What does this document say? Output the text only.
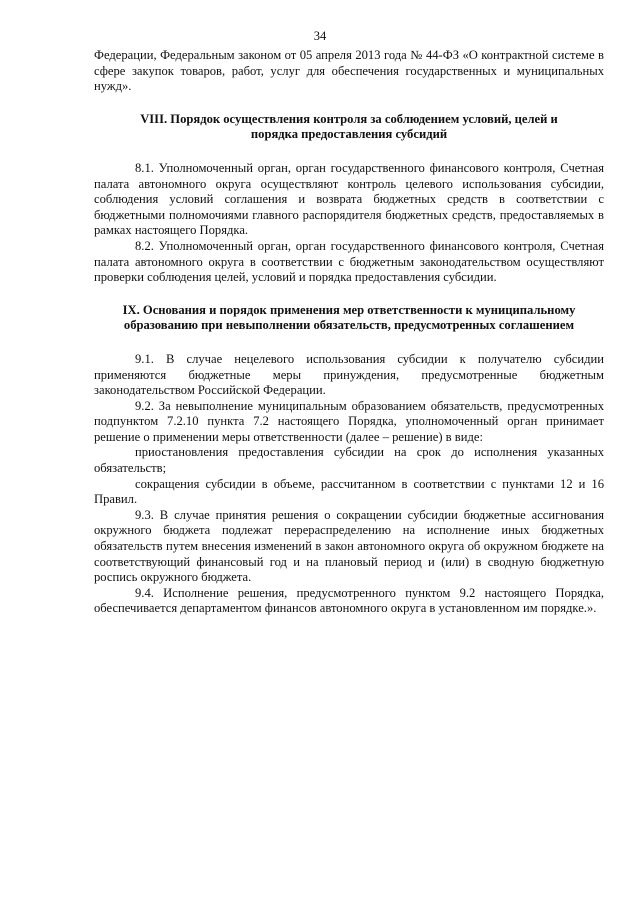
34

Федерации, Федеральным законом от 05 апреля 2013 года № 44-ФЗ «О контрактной системе в сфере закупок товаров, работ, услуг для обеспечения государственных и муниципальных нужд».

VIII. Порядок осуществления контроля за соблюдением условий, целей и порядка предоставления субсидий

8.1. Уполномоченный орган, орган государственного финансового контроля, Счетная палата автономного округа осуществляют контроль целевого использования субсидии, соблюдения условий соглашения и возврата бюджетных средств в соответствии с бюджетными полномочиями главного распорядителя бюджетных средств, предоставляемых в рамках настоящего Порядка.

8.2. Уполномоченный орган, орган государственного финансового контроля, Счетная палата автономного округа в соответствии с бюджетным законодательством осуществляют проверки соблюдения целей, условий и порядка предоставления субсидии.

IX. Основания и порядок применения мер ответственности к муниципальному образованию при невыполнении обязательств, предусмотренных соглашением

9.1. В случае нецелевого использования субсидии к получателю субсидии применяются бюджетные меры принуждения, предусмотренные бюджетным законодательством Российской Федерации.

9.2. За невыполнение муниципальным образованием обязательств, предусмотренных подпунктом 7.2.10 пункта 7.2 настоящего Порядка, уполномоченный орган принимает решение о применении меры ответственности (далее – решение) в виде:

приостановления предоставления субсидии на срок до исполнения указанных обязательств;

сокращения субсидии в объеме, рассчитанном в соответствии с пунктами 12 и 16 Правил.

9.3. В случае принятия решения о сокращении субсидии бюджетные ассигнования окружного бюджета подлежат перераспределению на исполнение иных бюджетных обязательств путем внесения изменений в закон автономного округа об окружном бюджете на соответствующий финансовый год и на плановый период и (или) в сводную бюджетную роспись окружного бюджета.

9.4. Исполнение решения, предусмотренного пунктом 9.2 настоящего Порядка, обеспечивается департаментом финансов автономного округа в установленном им порядке.».
